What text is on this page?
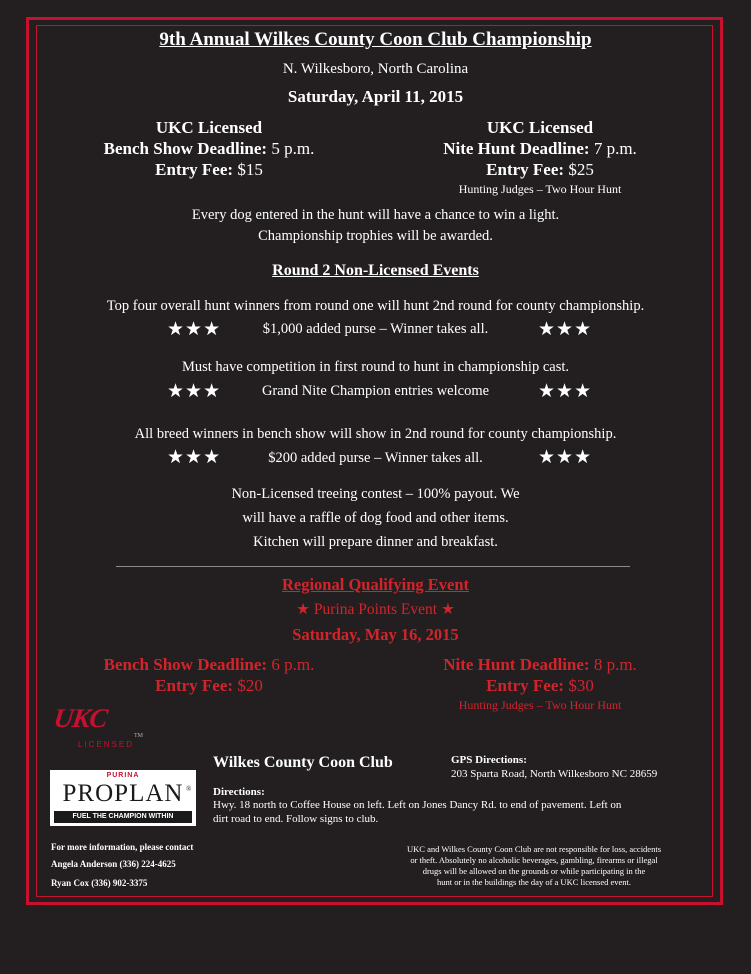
9th Annual Wilkes County Coon Club Championship
N. Wilkesboro, North Carolina
Saturday, April 11, 2015
UKC Licensed
Bench Show Deadline: 5 p.m.
Entry Fee: $15
UKC Licensed
Nite Hunt Deadline: 7 p.m.
Entry Fee: $25
Hunting Judges – Two Hour Hunt
Every dog entered in the hunt will have a chance to win a light.
Championship trophies will be awarded.
Round 2 Non-Licensed Events
Top four overall hunt winners from round one will hunt 2nd round for county championship.
★★★	$1,000 added purse – Winner takes all.	★★★
Must have competition in first round to hunt in championship cast.
★★★	Grand Nite Champion entries welcome	★★★
All breed winners in bench show will show in 2nd round for county championship.
★★★	$200 added purse – Winner takes all.	★★★
Non-Licensed treeing contest – 100% payout. We
will have a raffle of dog food and other items.
Kitchen will prepare dinner and breakfast.
Regional Qualifying Event
★ Purina Points Event ★
Saturday, May 16, 2015
Bench Show Deadline: 6 p.m.
Entry Fee: $20
Nite Hunt Deadline: 8 p.m.
Entry Fee: $30
Hunting Judges – Two Hour Hunt
UKC
TM
LICENSED
PURINA
PROPLAN ®
FUEL THE CHAMPION WITHIN
Wilkes County Coon Club	GPS Directions:
203 Sparta Road, North Wilkesboro NC 28659
Directions:
Hwy. 18 north to Coffee House on left. Left on Jones Dancy Rd. to end of pavement. Left on
dirt road to end. Follow signs to club.
For more information, please contact
Angela Anderson (336) 224-4625
Ryan Cox (336) 902-3375
UKC and Wilkes County Coon Club are not responsible for loss, accidents
or theft. Absolutely no alcoholic beverages, gambling, firearms or illegal
drugs will be allowed on the grounds or while participating in the
hunt or in the buildings the day of a UKC licensed event.
